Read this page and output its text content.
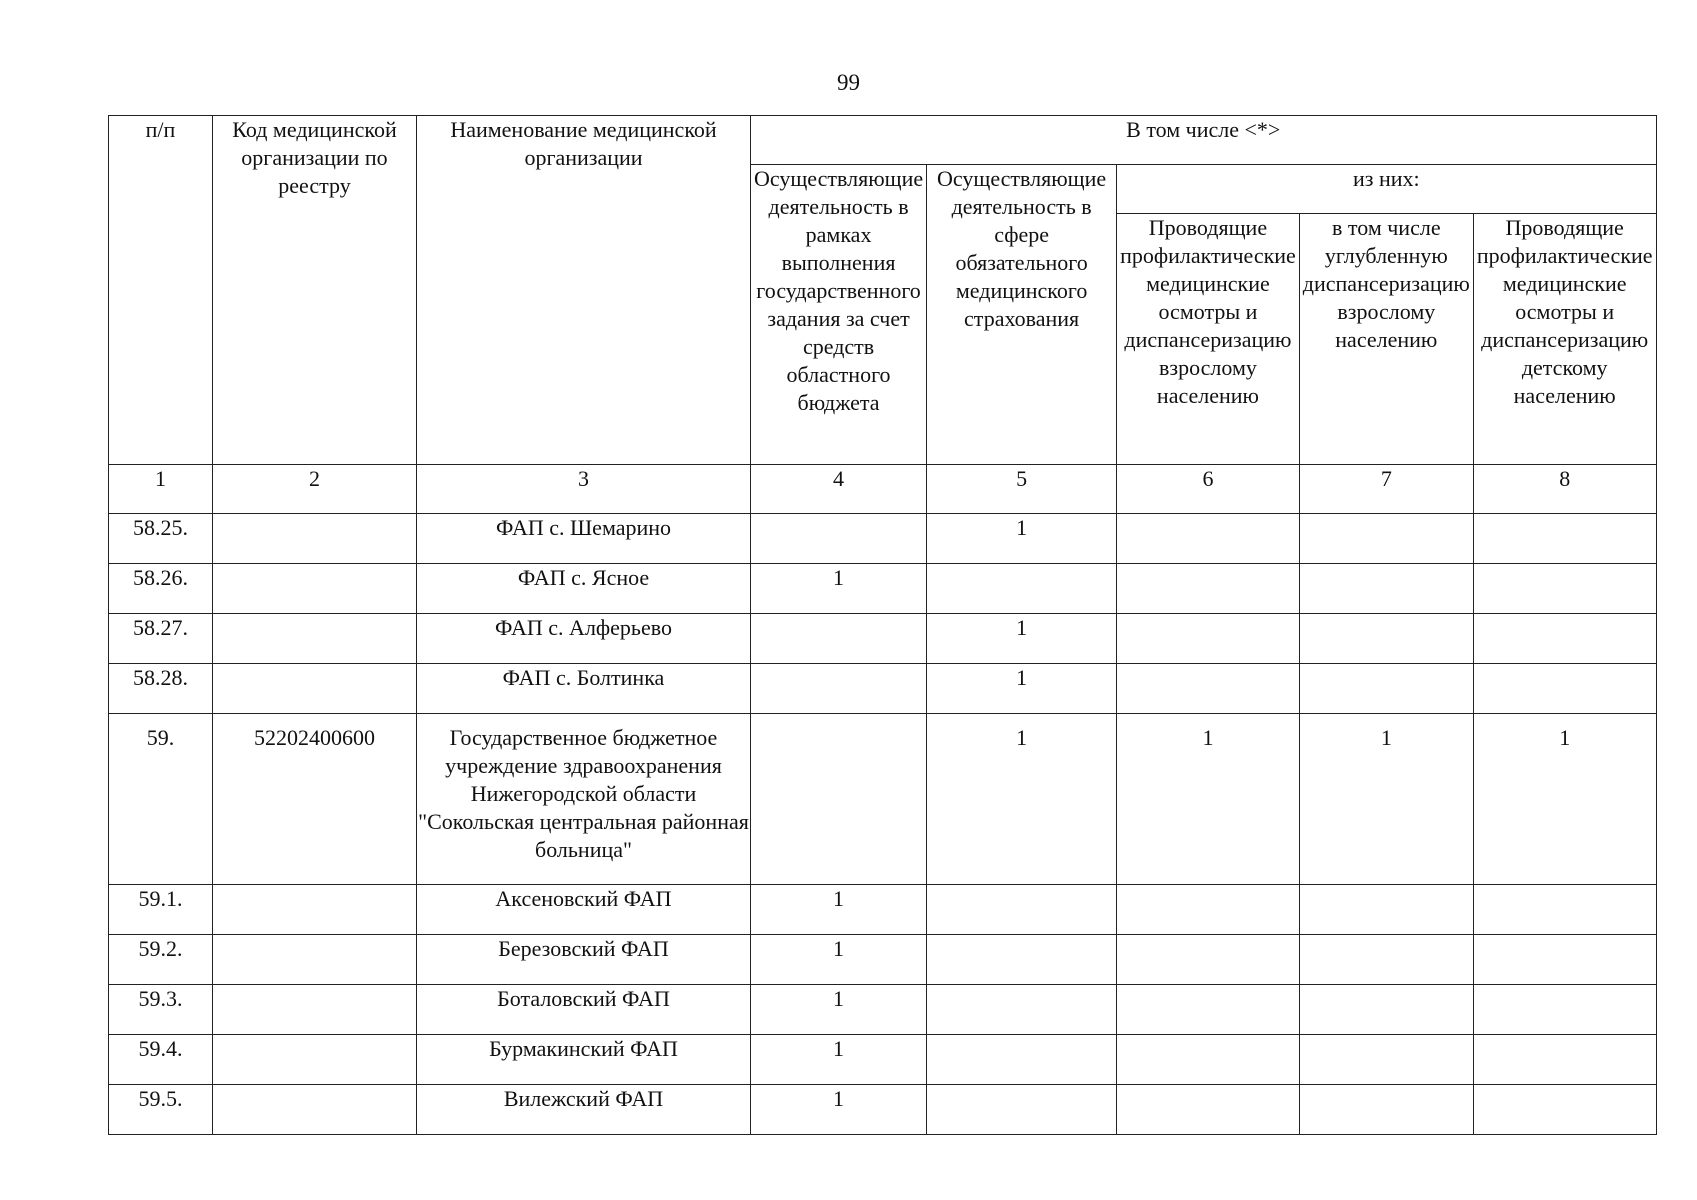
99
п/п	Код медицинской организации по реестру	Наименование медицинской организации	В том числе <*>				

			Осуществляющие деятельность в рамках выполнения государственного задания за счет средств областного бюджета	Осуществляющие деятельность в сфере обязательного медицинского страхования	из них:		

					Проводящие профилактические медицинские осмотры и диспансеризацию взрослому населению	в том числе углубленную диспансеризацию взрослому населению	Проводящие профилактические медицинские осмотры и диспансеризацию детскому населению

1	2	3	4	5	6	7	8
58.25.		ФАП с. Шемарино		1			
58.26.		ФАП с. Ясное	1				
58.27.		ФАП с. Алферьево		1			
58.28.		ФАП с. Болтинка		1			
59.	52202400600	Государственное бюджетное учреждение здравоохранения Нижегородской области "Сокольская центральная районная больница"		1	1	1	1
59.1.		Аксеновский ФАП	1				
59.2.		Березовский ФАП	1				
59.3.		Боталовский ФАП	1				
59.4.		Бурмакинский ФАП	1				
59.5.		Вилежский ФАП	1				
